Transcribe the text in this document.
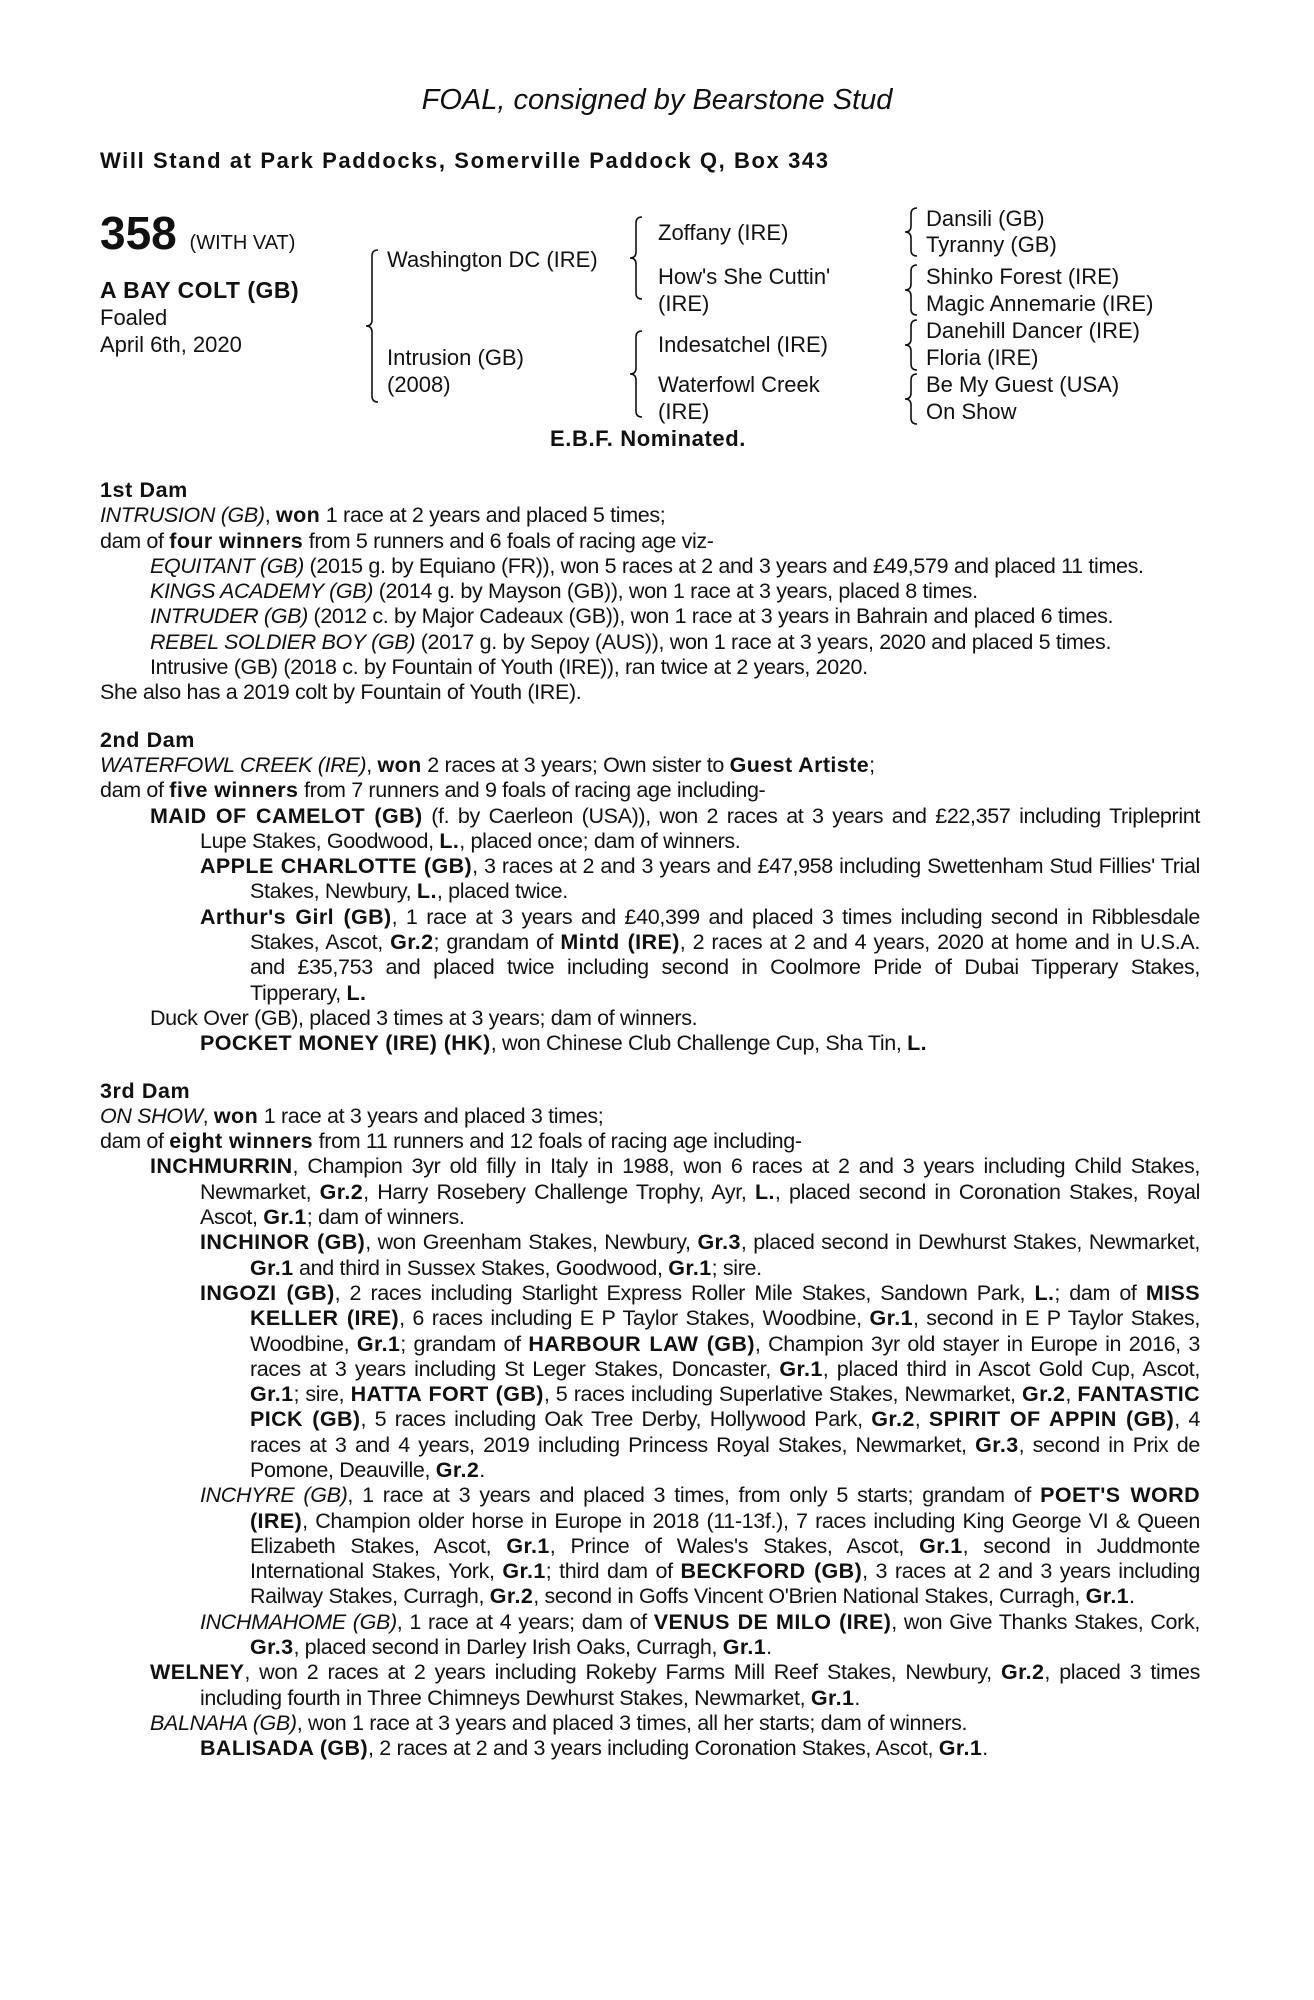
FOAL, consigned by Bearstone Stud
Will Stand at Park Paddocks, Somerville Paddock Q, Box 343
358 (WITH VAT)
A BAY COLT (GB)
Foaled
April 6th, 2020
Washington DC (IRE)
Intrusion (GB)
(2008)
Zoffany (IRE)
How's She Cuttin'
(IRE)
Indesatchel (IRE)
Waterfowl Creek
(IRE)
Dansili (GB)
Tyranny (GB)
Shinko Forest (IRE)
Magic Annemarie (IRE)
Danehill Dancer (IRE)
Floria (IRE)
Be My Guest (USA)
On Show
E.B.F. Nominated.
1st Dam

INTRUSION (GB), won 1 race at 2 years and placed 5 times;

dam of four winners from 5 runners and 6 foals of racing age viz-

EQUITANT (GB) (2015 g. by Equiano (FR)), won 5 races at 2 and 3 years and £49,579 and placed 11 times.

KINGS ACADEMY (GB) (2014 g. by Mayson (GB)), won 1 race at 3 years, placed 8 times.

INTRUDER (GB) (2012 c. by Major Cadeaux (GB)), won 1 race at 3 years in Bahrain and placed 6 times.

REBEL SOLDIER BOY (GB) (2017 g. by Sepoy (AUS)), won 1 race at 3 years, 2020 and placed 5 times.

Intrusive (GB) (2018 c. by Fountain of Youth (IRE)), ran twice at 2 years, 2020.

She also has a 2019 colt by Fountain of Youth (IRE).

2nd Dam

WATERFOWL CREEK (IRE), won 2 races at 3 years; Own sister to Guest Artiste;

dam of five winners from 7 runners and 9 foals of racing age including-

MAID OF CAMELOT (GB) (f. by Caerleon (USA)), won 2 races at 3 years and £22,357 including Tripleprint Lupe Stakes, Goodwood, L., placed once; dam of winners.

APPLE CHARLOTTE (GB), 3 races at 2 and 3 years and £47,958 including Swettenham Stud Fillies' Trial Stakes, Newbury, L., placed twice.

Arthur's Girl (GB), 1 race at 3 years and £40,399 and placed 3 times including second in Ribblesdale Stakes, Ascot, Gr.2; grandam of Mintd (IRE), 2 races at 2 and 4 years, 2020 at home and in U.S.A. and £35,753 and placed twice including second in Coolmore Pride of Dubai Tipperary Stakes, Tipperary, L.

Duck Over (GB), placed 3 times at 3 years; dam of winners.

POCKET MONEY (IRE) (HK), won Chinese Club Challenge Cup, Sha Tin, L.

3rd Dam

ON SHOW, won 1 race at 3 years and placed 3 times;

dam of eight winners from 11 runners and 12 foals of racing age including-

INCHMURRIN, Champion 3yr old filly in Italy in 1988, won 6 races at 2 and 3 years including Child Stakes, Newmarket, Gr.2, Harry Rosebery Challenge Trophy, Ayr, L., placed second in Coronation Stakes, Royal Ascot, Gr.1; dam of winners.

INCHINOR (GB), won Greenham Stakes, Newbury, Gr.3, placed second in Dewhurst Stakes, Newmarket, Gr.1 and third in Sussex Stakes, Goodwood, Gr.1; sire.

INGOZI (GB), 2 races including Starlight Express Roller Mile Stakes, Sandown Park, L.; dam of MISS KELLER (IRE), 6 races including E P Taylor Stakes, Woodbine, Gr.1, second in E P Taylor Stakes, Woodbine, Gr.1; grandam of HARBOUR LAW (GB), Champion 3yr old stayer in Europe in 2016, 3 races at 3 years including St Leger Stakes, Doncaster, Gr.1, placed third in Ascot Gold Cup, Ascot, Gr.1; sire, HATTA FORT (GB), 5 races including Superlative Stakes, Newmarket, Gr.2, FANTASTIC PICK (GB), 5 races including Oak Tree Derby, Hollywood Park, Gr.2, SPIRIT OF APPIN (GB), 4 races at 3 and 4 years, 2019 including Princess Royal Stakes, Newmarket, Gr.3, second in Prix de Pomone, Deauville, Gr.2.

INCHYRE (GB), 1 race at 3 years and placed 3 times, from only 5 starts; grandam of POET'S WORD (IRE), Champion older horse in Europe in 2018 (11-13f.), 7 races including King George VI & Queen Elizabeth Stakes, Ascot, Gr.1, Prince of Wales's Stakes, Ascot, Gr.1, second in Juddmonte International Stakes, York, Gr.1; third dam of BECKFORD (GB), 3 races at 2 and 3 years including Railway Stakes, Curragh, Gr.2, second in Goffs Vincent O'Brien National Stakes, Curragh, Gr.1.

INCHMAHOME (GB), 1 race at 4 years; dam of VENUS DE MILO (IRE), won Give Thanks Stakes, Cork, Gr.3, placed second in Darley Irish Oaks, Curragh, Gr.1.

WELNEY, won 2 races at 2 years including Rokeby Farms Mill Reef Stakes, Newbury, Gr.2, placed 3 times including fourth in Three Chimneys Dewhurst Stakes, Newmarket, Gr.1.

BALNAHA (GB), won 1 race at 3 years and placed 3 times, all her starts; dam of winners.

BALISADA (GB), 2 races at 2 and 3 years including Coronation Stakes, Ascot, Gr.1.
